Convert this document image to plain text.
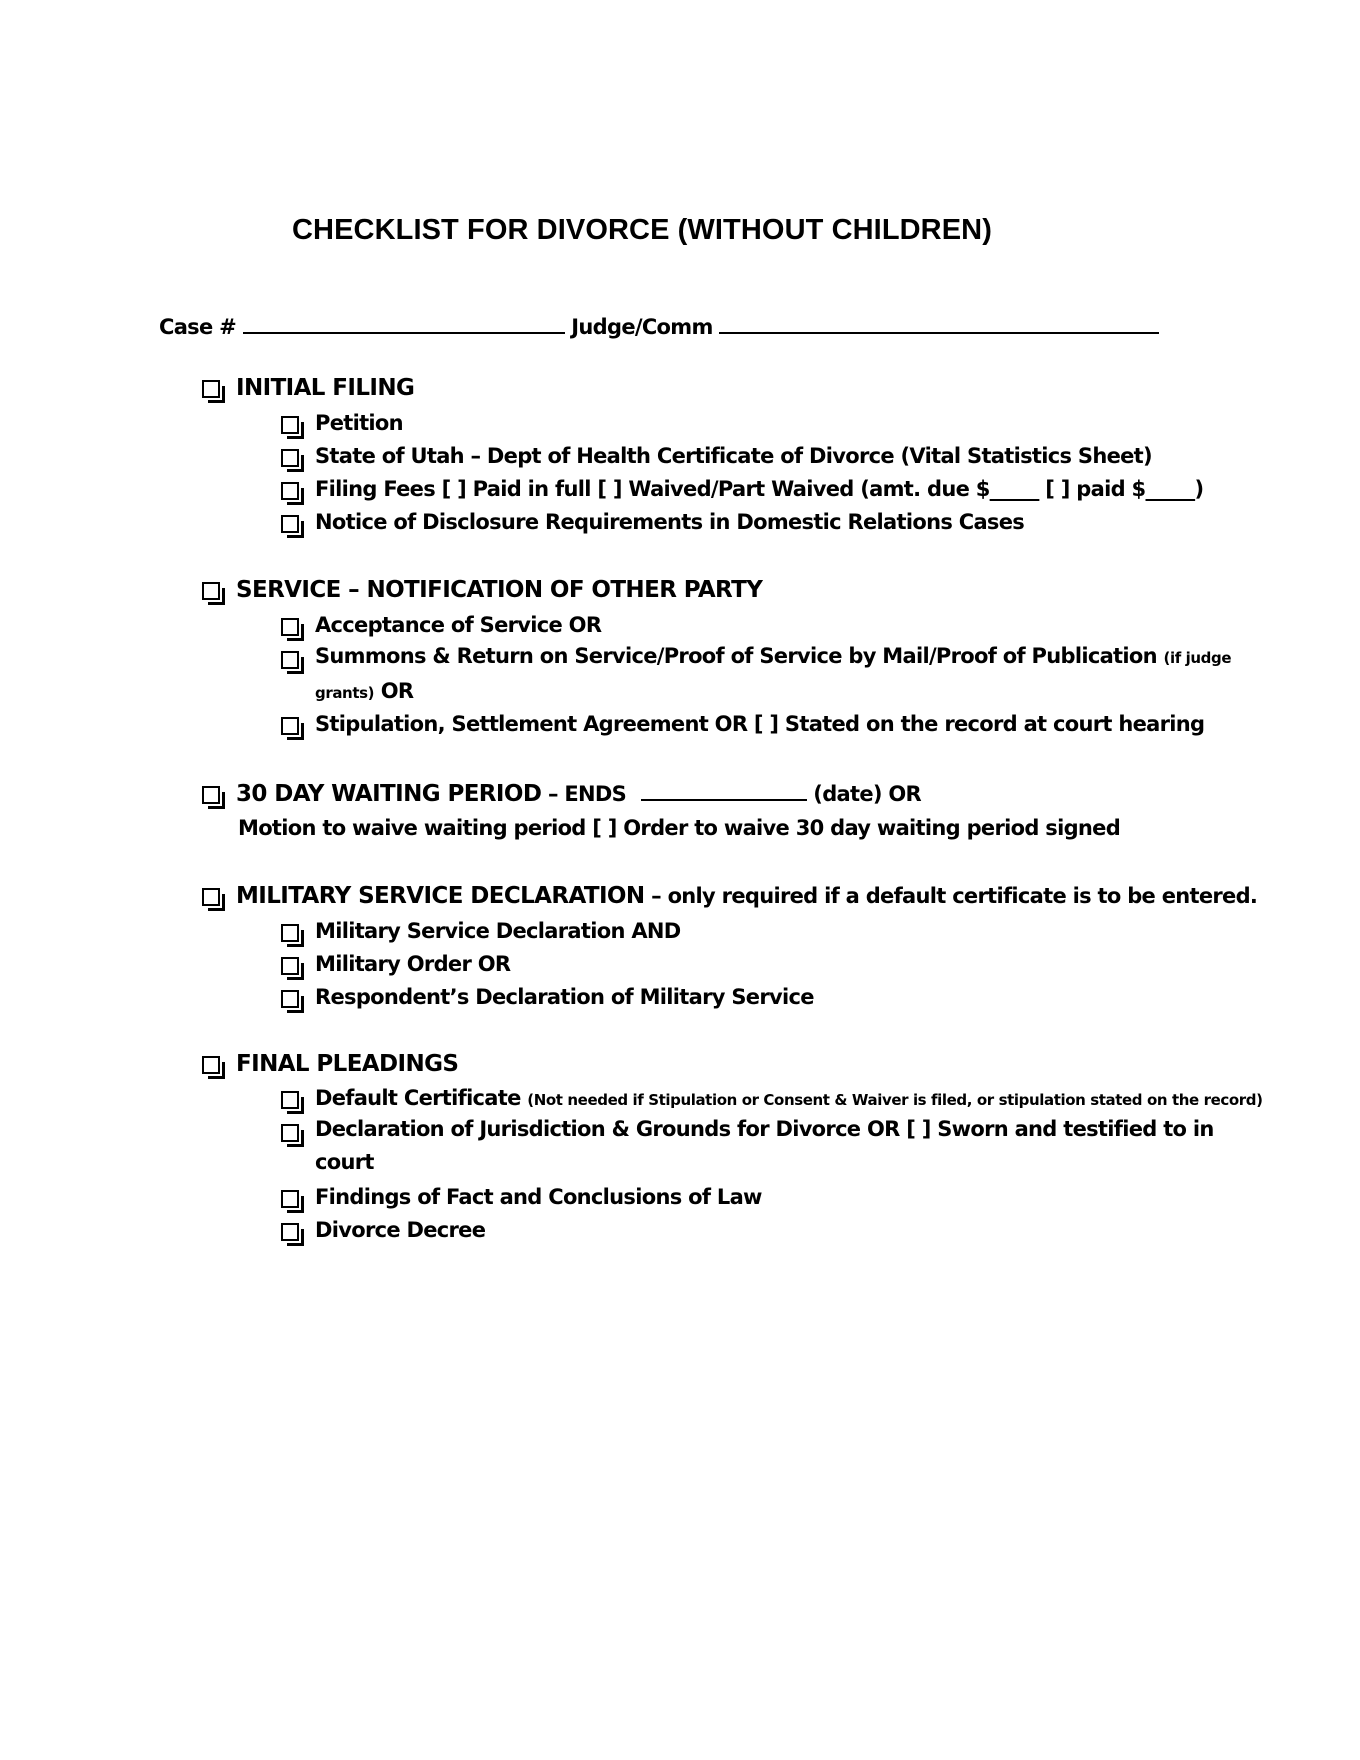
CHECKLIST FOR DIVORCE (WITHOUT CHILDREN)
Case #	Judge/Comm
INITIAL FILING
Petition
State of Utah – Dept of Health Certificate of Divorce (Vital Statistics Sheet)
Filing Fees [ ] Paid in full [ ] Waived/Part Waived (amt. due $_____ [ ] paid $_____)
Notice of Disclosure Requirements in Domestic Relations Cases
SERVICE – NOTIFICATION OF OTHER PARTY
Acceptance of Service OR
Summons & Return on Service/Proof of Service by Mail/Proof of Publication (if judge
grants) OR
Stipulation, Settlement Agreement OR [ ] Stated on the record at court hearing
30 DAY WAITING PERIOD – ENDS	(date) OR
Motion to waive waiting period [ ] Order to waive 30 day waiting period signed
MILITARY SERVICE DECLARATION – only required if a default certificate is to be entered.
Military Service Declaration AND
Military Order OR
Respondent’s Declaration of Military Service
FINAL PLEADINGS
Default Certificate (Not needed if Stipulation or Consent & Waiver is filed, or stipulation stated on the record)
Declaration of Jurisdiction & Grounds for Divorce OR [ ] Sworn and testified to in
court
Findings of Fact and Conclusions of Law
Divorce Decree
